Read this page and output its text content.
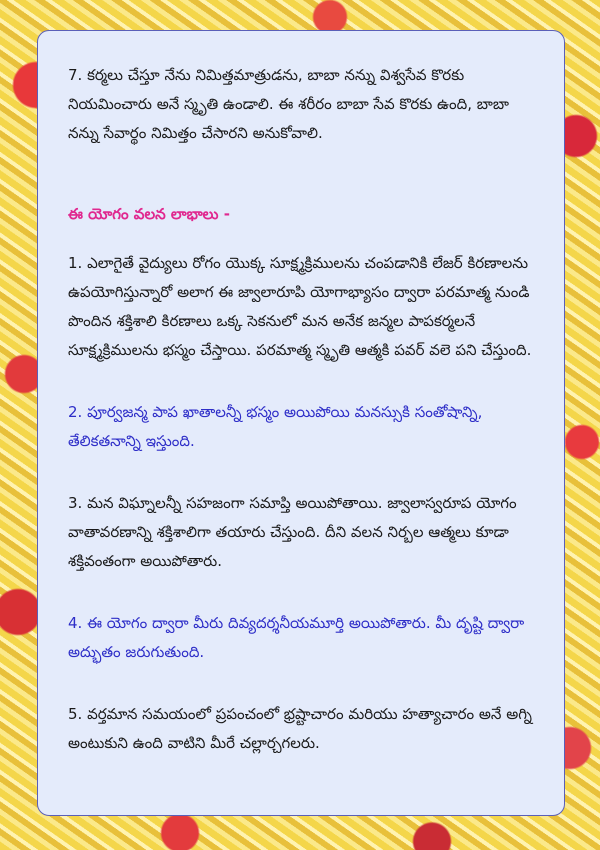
7. కర్మలు చేస్తూ నేను నిమిత్తమాత్రుడను, బాబా నన్ను విశ్వసేవ కొరకు నియమించారు అనే స్మృతి ఉండాలి. ఈ శరీరం బాబా సేవ కొరకు ఉంది, బాబా నన్ను సేవార్థం నిమిత్తం చేసారని అనుకోవాలి.

ఈ యోగం వలన లాభాలు -

1. ఎలాగైతే వైద్యులు రోగం యొక్క సూక్ష్మక్రిములను చంపడానికి లేజర్ కిరణాలను ఉపయోగిస్తున్నారో అలాగ ఈ జ్వాలారూపి యోగాభ్యాసం ద్వారా పరమాత్మ నుండి పొందిన శక్తిశాలి కిరణాలు ఒక్క సెకనులో మన అనేక జన్మల పాపకర్మలనే సూక్ష్మక్రిములను భస్మం చేస్తాయి. పరమాత్మ స్మృతి ఆత్మకి పవర్ వలె పని చేస్తుంది.

2. పూర్వజన్మ పాప ఖాతాలన్నీ భస్మం అయిపోయి మనస్సుకి సంతోషాన్ని, తేలికతనాన్ని ఇస్తుంది.

3. మన విఘ్నాలన్నీ సహజంగా సమాప్తి అయిపోతాయి. జ్వాలాస్వరూప యోగం వాతావరణాన్ని శక్తిశాలిగా తయారు చేస్తుంది. దీని వలన నిర్బల ఆత్మలు కూడా శక్తివంతంగా అయిపోతారు.

4. ఈ యోగం ద్వారా మీరు దివ్యదర్శనీయమూర్తి అయిపోతారు. మీ దృష్టి ద్వారా అద్భుతం జరుగుతుంది.

5. వర్తమాన సమయంలో ప్రపంచంలో భ్రష్టాచారం మరియు హత్యాచారం అనే అగ్ని అంటుకుని ఉంది వాటిని మీరే చల్లార్చగలరు.
